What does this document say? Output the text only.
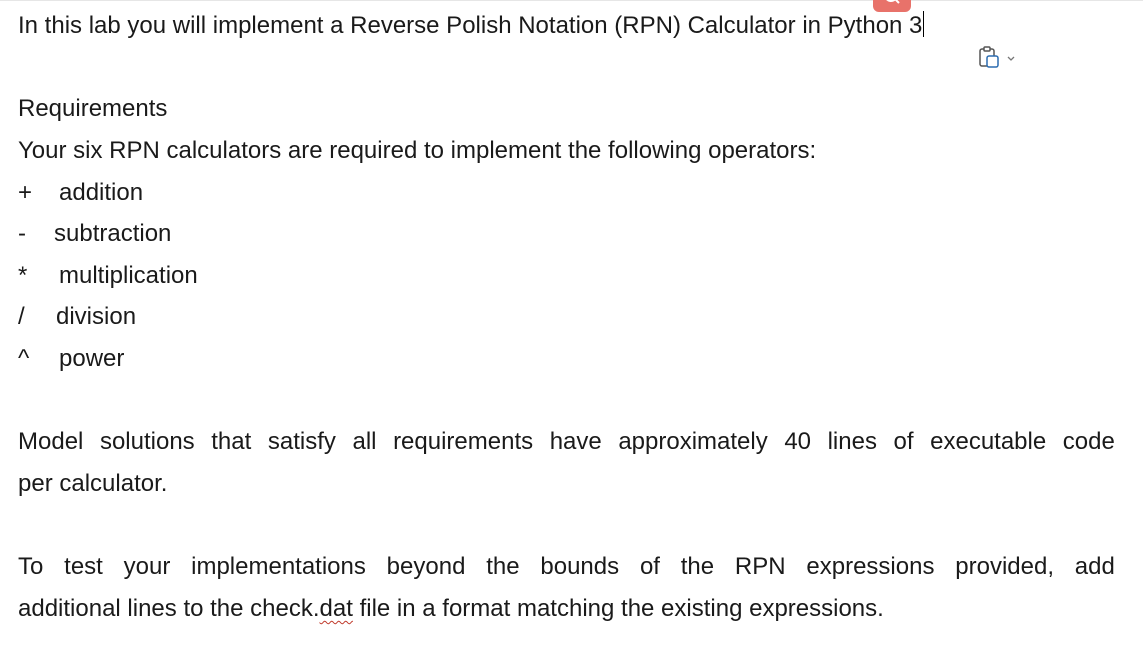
In this lab you will implement a Reverse Polish Notation (RPN) Calculator in Python 3
Requirements
Your six RPN calculators are required to implement the following operators:
+ addition
- subtraction
* multiplication
/ division
^ power
Model solutions that satisfy all requirements have approximately 40 lines of executable code
per calculator.
To test your implementations beyond the bounds of the RPN expressions provided, add
additional lines to the check.dat file in a format matching the existing expressions.
